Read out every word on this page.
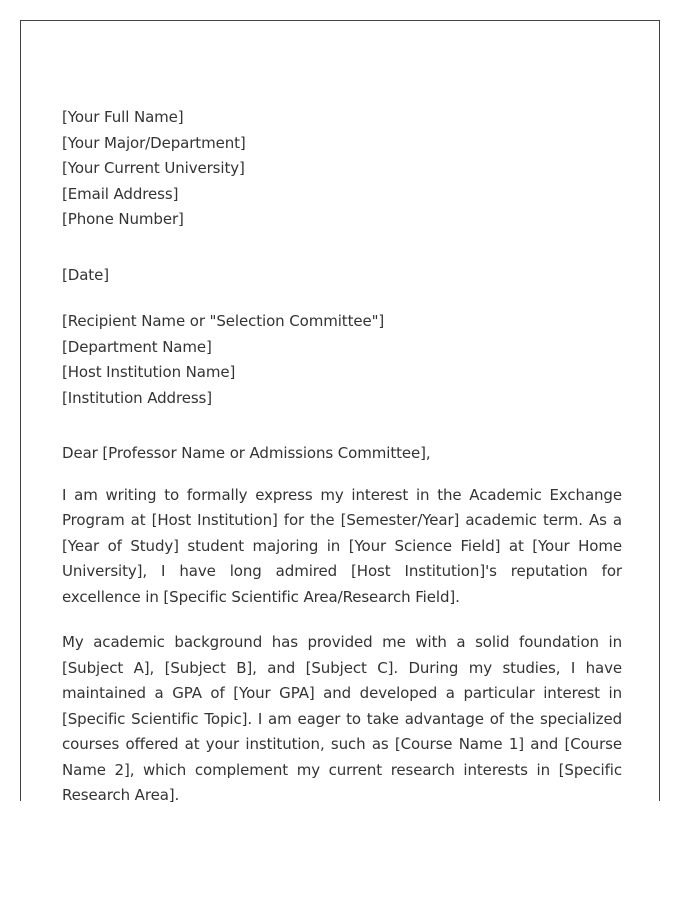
[Your Full Name]
[Your Major/Department]
[Your Current University]
[Email Address]
[Phone Number]
[Date]
[Recipient Name or "Selection Committee"]
[Department Name]
[Host Institution Name]
[Institution Address]
Dear [Professor Name or Admissions Committee],

I am writing to formally express my interest in the Academic Exchange Program at [Host Institution] for the [Semester/Year] academic term. As a [Year of Study] student majoring in [Your Science Field] at [Your Home University], I have long admired [Host Institution]'s reputation for excellence in [Specific Scientific Area/Research Field].

My academic background has provided me with a solid foundation in [Subject A], [Subject B], and [Subject C]. During my studies, I have maintained a GPA of [Your GPA] and developed a particular interest in [Specific Scientific Topic]. I am eager to take advantage of the specialized courses offered at your institution, such as [Course Name 1] and [Course Name 2], which complement my current research interests in [Specific Research Area].
